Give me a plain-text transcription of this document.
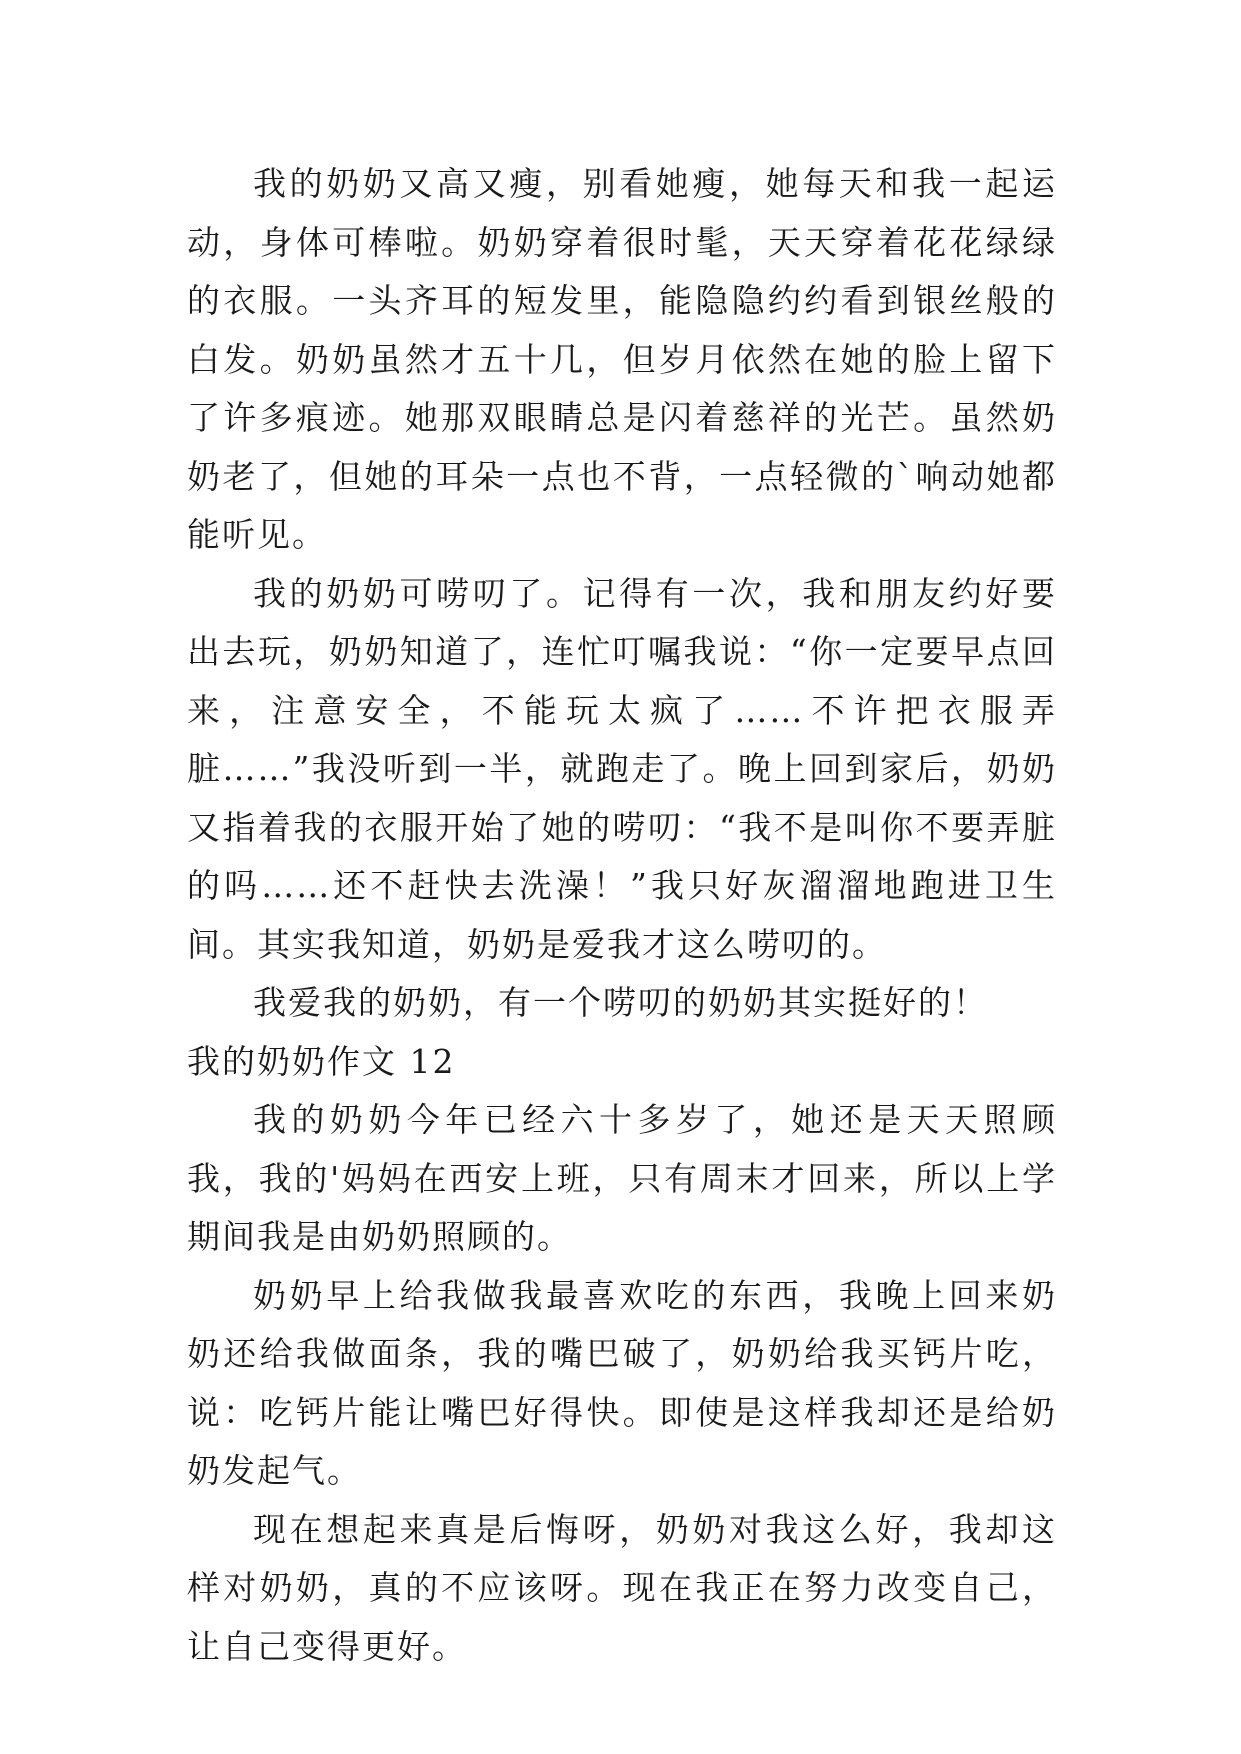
我的奶奶又高又瘦，别看她瘦，她每天和我一起运动，身体可棒啦。奶奶穿着很时髦，天天穿着花花绿绿的衣服。一头齐耳的短发里，能隐隐约约看到银丝般的白发。奶奶虽然才五十几，但岁月依然在她的脸上留下了许多痕迹。她那双眼睛总是闪着慈祥的光芒。虽然奶奶老了，但她的耳朵一点也不背，一点轻微的`响动她都能听见。

我的奶奶可唠叨了。记得有一次，我和朋友约好要出去玩，奶奶知道了，连忙叮嘱我说：“你一定要早点回来，注意安全，不能玩太疯了……不许把衣服弄脏……”我没听到一半，就跑走了。晚上回到家后，奶奶又指着我的衣服开始了她的唠叨：“我不是叫你不要弄脏的吗……还不赶快去洗澡！”我只好灰溜溜地跑进卫生间。其实我知道，奶奶是爱我才这么唠叨的。

我爱我的奶奶，有一个唠叨的奶奶其实挺好的！

我的奶奶作文 12

我的奶奶今年已经六十多岁了，她还是天天照顾我，我的'妈妈在西安上班，只有周末才回来，所以上学期间我是由奶奶照顾的。

奶奶早上给我做我最喜欢吃的东西，我晚上回来奶奶还给我做面条，我的嘴巴破了，奶奶给我买钙片吃，说：吃钙片能让嘴巴好得快。即使是这样我却还是给奶奶发起气。

现在想起来真是后悔呀，奶奶对我这么好，我却这样对奶奶，真的不应该呀。现在我正在努力改变自己，让自己变得更好。
